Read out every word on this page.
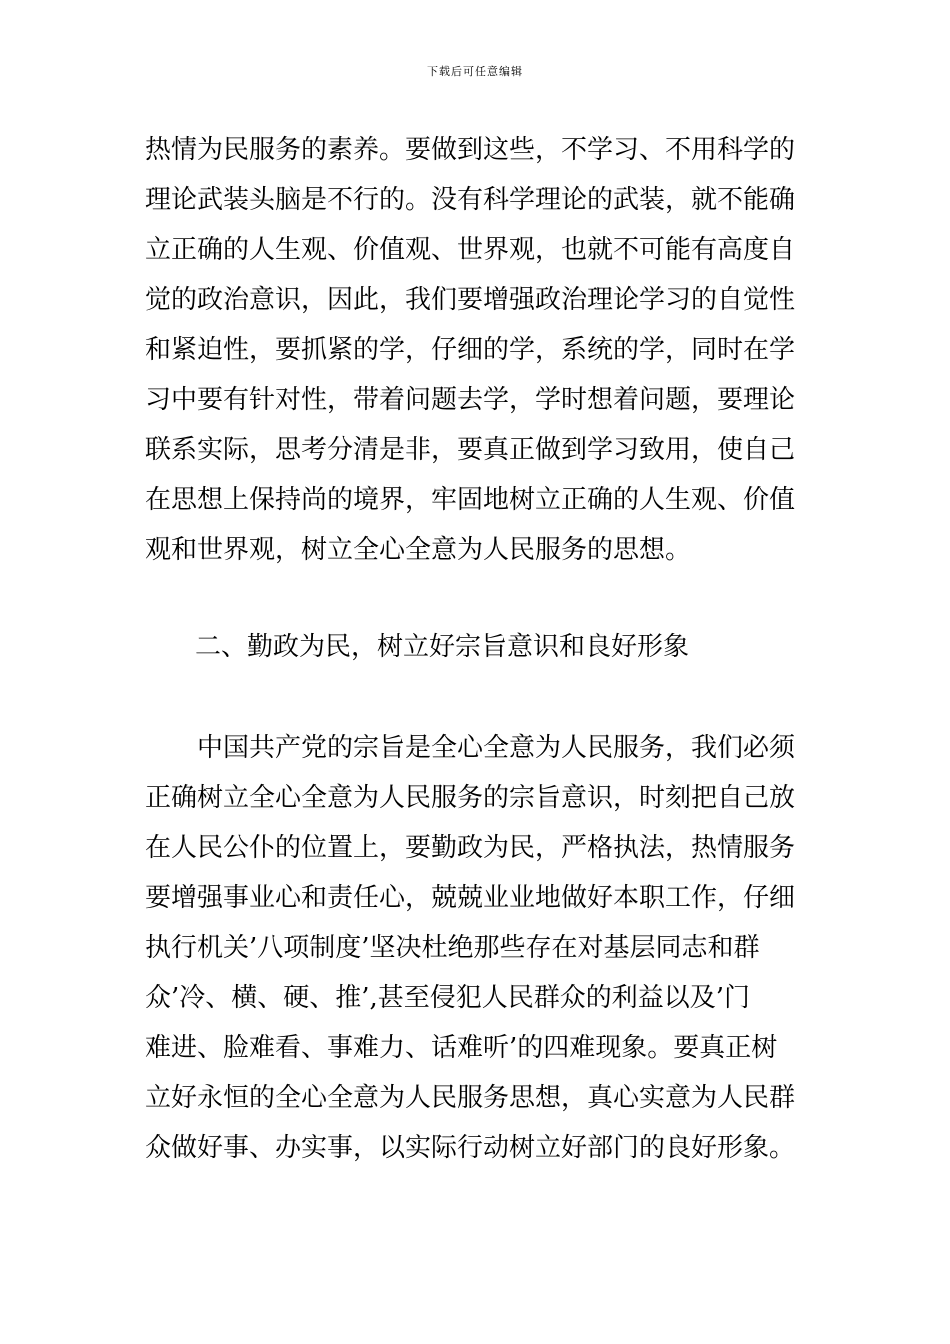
下载后可任意编辑
热情为民服务的素养。要做到这些，不学习、不用科学的
理论武装头脑是不行的。没有科学理论的武装，就不能确
立正确的人生观、价值观、世界观，也就不可能有高度自
觉的政治意识，因此，我们要增强政治理论学习的自觉性
和紧迫性，要抓紧的学，仔细的学，系统的学，同时在学
习中要有针对性，带着问题去学，学时想着问题，要理论
联系实际，思考分清是非，要真正做到学习致用，使自己
在思想上保持尚的境界，牢固地树立正确的人生观、价值
观和世界观，树立全心全意为人民服务的思想。
二、勤政为民，树立好宗旨意识和良好形象
中国共产党的宗旨是全心全意为人民服务，我们必须
正确树立全心全意为人民服务的宗旨意识，时刻把自己放
在人民公仆的位置上，要勤政为民，严格执法，热情服务
要增强事业心和责任心，兢兢业业地做好本职工作，仔细
执行机关’八项制度’坚决杜绝那些存在对基层同志和群
众’冷、横、硬、推’,甚至侵犯人民群众的利益以及’门
难进、脸难看、事难力、话难听’的四难现象。要真正树
立好永恒的全心全意为人民服务思想，真心实意为人民群
众做好事、办实事，以实际行动树立好部门的良好形象。
